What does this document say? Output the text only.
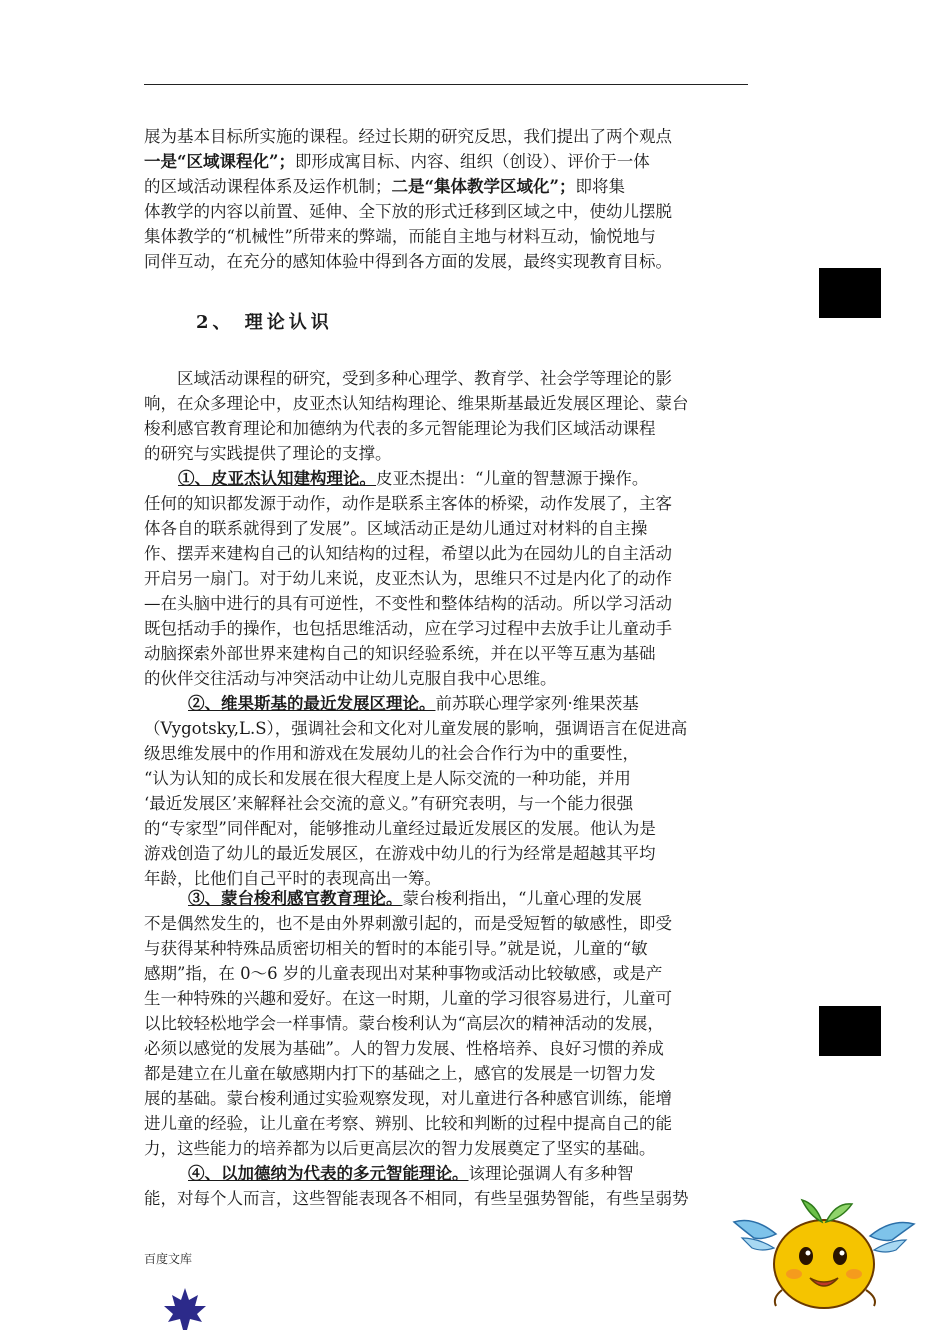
展为基本目标所实施的课程。经过长期的研究反思，我们提出了两个观点
一是“区域课程化”；即形成寓目标、内容、组织（创设）、评价于一体
的区域活动课程体系及运作机制；二是“集体教学区域化”；即将集
体教学的内容以前置、延伸、全下放的形式迁移到区域之中，使幼儿摆脱
集体教学的“机械性”所带来的弊端，而能自主地与材料互动，愉悦地与
同伴互动，在充分的感知体验中得到各方面的发展，最终实现教育目标。
2、 理论认识
　　区域活动课程的研究，受到多种心理学、教育学、社会学等理论的影
响，在众多理论中，皮亚杰认知结构理论、维果斯基最近发展区理论、蒙台
梭利感官教育理论和加德纳为代表的多元智能理论为我们区域活动课程
的研究与实践提供了理论的支撑。
①、皮亚杰认知建构理论。皮亚杰提出：“儿童的智慧源于操作。
任何的知识都发源于动作，动作是联系主客体的桥梁，动作发展了，主客
体各自的联系就得到了发展”。区域活动正是幼儿通过对材料的自主操
作、摆弄来建构自己的认知结构的过程，希望以此为在园幼儿的自主活动
开启另一扇门。对于幼儿来说，皮亚杰认为，思维只不过是内化了的动作
—在头脑中进行的具有可逆性，不变性和整体结构的活动。所以学习活动
既包括动手的操作，也包括思维活动，应在学习过程中去放手让儿童动手
动脑探索外部世界来建构自己的知识经验系统，并在以平等互惠为基础
的伙伴交往活动与冲突活动中让幼儿克服自我中心思维。
②、维果斯基的最近发展区理论。前苏联心理学家列·维果茨基
（Vygotsky,L.S），强调社会和文化对儿童发展的影响，强调语言在促进高
级思维发展中的作用和游戏在发展幼儿的社会合作行为中的重要性，
“认为认知的成长和发展在很大程度上是人际交流的一种功能，并用
‘最近发展区’来解释社会交流的意义。”有研究表明，与一个能力很强
的“专家型”同伴配对，能够推动儿童经过最近发展区的发展。他认为是
游戏创造了幼儿的最近发展区，在游戏中幼儿的行为经常是超越其平均
年龄，比他们自己平时的表现高出一筹。
③、蒙台梭利感官教育理论。蒙台梭利指出，“儿童心理的发展
不是偶然发生的，也不是由外界刺激引起的，而是受短暂的敏感性，即受
与获得某种特殊品质密切相关的暂时的本能引导。”就是说，儿童的“敏
感期”指，在 0～6 岁的儿童表现出对某种事物或活动比较敏感，或是产
生一种特殊的兴趣和爱好。在这一时期，儿童的学习很容易进行，儿童可
以比较轻松地学会一样事情。蒙台梭利认为“高层次的精神活动的发展，
必须以感觉的发展为基础”。人的智力发展、性格培养、良好习惯的养成
都是建立在儿童在敏感期内打下的基础之上，感官的发展是一切智力发
展的基础。蒙台梭利通过实验观察发现，对儿童进行各种感官训练，能增
进儿童的经验，让儿童在考察、辨别、比较和判断的过程中提高自己的能
力，这些能力的培养都为以后更高层次的智力发展奠定了坚实的基础。
④、以加德纳为代表的多元智能理论。该理论强调人有多种智
能，对每个人而言，这些智能表现各不相同，有些呈强势智能，有些呈弱势
百度文库
